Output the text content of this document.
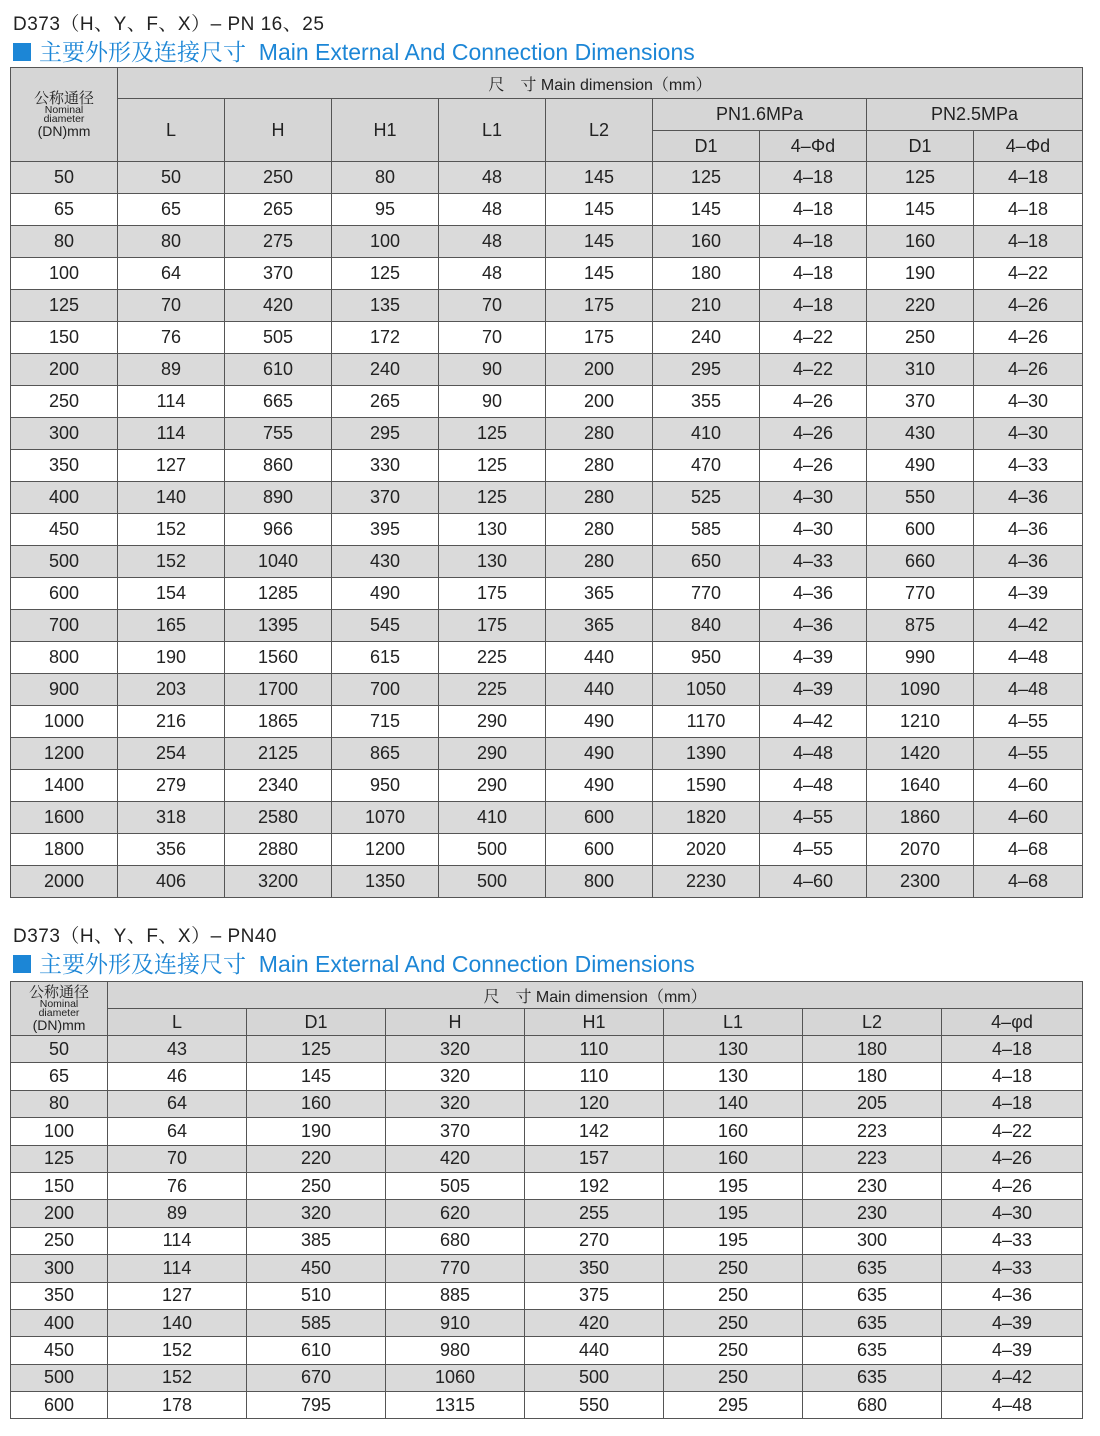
D373（H、Y、F、X）– PN 16、25
主要外形及连接尺寸 Main External And Connection Dimensions
公称通径
Nominal
diameter
(DN)mm	尺　寸 Main dimension（mm）								
	L	H	H1	L1	L2	PN1.6MPa		PN2.5MPa	
						D1	4–Φd	D1	4–Φd
50	50	250	80	48	145	125	4–18	125	4–18
65	65	265	95	48	145	145	4–18	145	4–18
80	80	275	100	48	145	160	4–18	160	4–18
100	64	370	125	48	145	180	4–18	190	4–22
125	70	420	135	70	175	210	4–18	220	4–26
150	76	505	172	70	175	240	4–22	250	4–26
200	89	610	240	90	200	295	4–22	310	4–26
250	114	665	265	90	200	355	4–26	370	4–30
300	114	755	295	125	280	410	4–26	430	4–30
350	127	860	330	125	280	470	4–26	490	4–33
400	140	890	370	125	280	525	4–30	550	4–36
450	152	966	395	130	280	585	4–30	600	4–36
500	152	1040	430	130	280	650	4–33	660	4–36
600	154	1285	490	175	365	770	4–36	770	4–39
700	165	1395	545	175	365	840	4–36	875	4–42
800	190	1560	615	225	440	950	4–39	990	4–48
900	203	1700	700	225	440	1050	4–39	1090	4–48
1000	216	1865	715	290	490	1170	4–42	1210	4–55
1200	254	2125	865	290	490	1390	4–48	1420	4–55
1400	279	2340	950	290	490	1590	4–48	1640	4–60
1600	318	2580	1070	410	600	1820	4–55	1860	4–60
1800	356	2880	1200	500	600	2020	4–55	2070	4–68
2000	406	3200	1350	500	800	2230	4–60	2300	4–68
D373（H、Y、F、X）– PN40
主要外形及连接尺寸 Main External And Connection Dimensions
公称通径
Nominal
diameter
(DN)mm	尺　寸 Main dimension（mm）						
	L	D1	H	H1	L1	L2	4–φd
50	43	125	320	110	130	180	4–18
65	46	145	320	110	130	180	4–18
80	64	160	320	120	140	205	4–18
100	64	190	370	142	160	223	4–22
125	70	220	420	157	160	223	4–26
150	76	250	505	192	195	230	4–26
200	89	320	620	255	195	230	4–30
250	114	385	680	270	195	300	4–33
300	114	450	770	350	250	635	4–33
350	127	510	885	375	250	635	4–36
400	140	585	910	420	250	635	4–39
450	152	610	980	440	250	635	4–39
500	152	670	1060	500	250	635	4–42
600	178	795	1315	550	295	680	4–48
